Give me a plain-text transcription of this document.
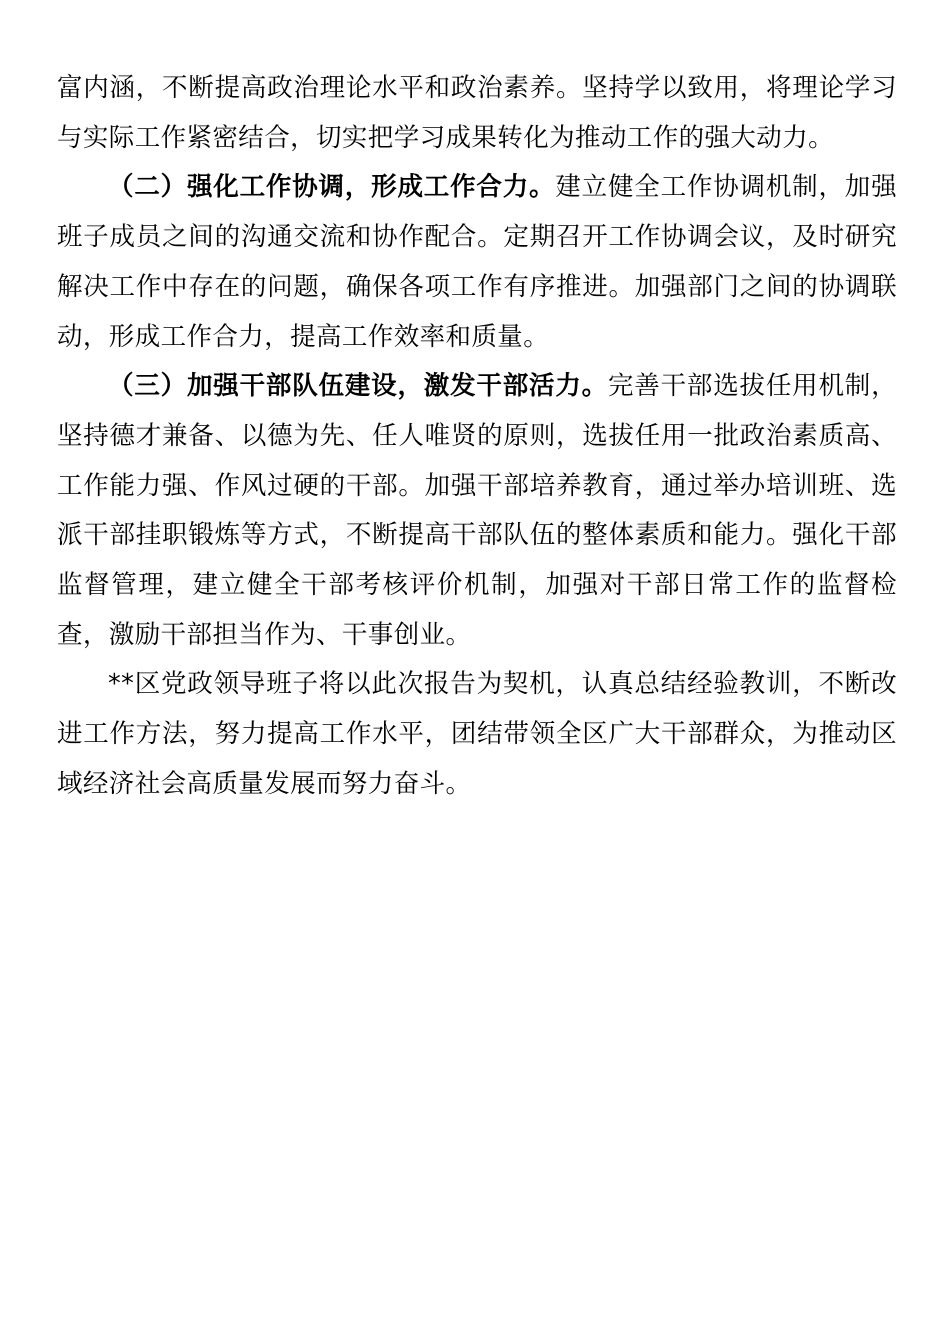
富内涵，不断提高政治理论水平和政治素养。坚持学以致用，将理论学习与实际工作紧密结合，切实把学习成果转化为推动工作的强大动力。

（二）强化工作协调，形成工作合力。建立健全工作协调机制，加强班子成员之间的沟通交流和协作配合。定期召开工作协调会议，及时研究解决工作中存在的问题，确保各项工作有序推进。加强部门之间的协调联动，形成工作合力，提高工作效率和质量。

（三）加强干部队伍建设，激发干部活力。完善干部选拔任用机制，坚持德才兼备、以德为先、任人唯贤的原则，选拔任用一批政治素质高、工作能力强、作风过硬的干部。加强干部培养教育，通过举办培训班、选派干部挂职锻炼等方式，不断提高干部队伍的整体素质和能力。强化干部监督管理，建立健全干部考核评价机制，加强对干部日常工作的监督检查，激励干部担当作为、干事创业。

**区党政领导班子将以此次报告为契机，认真总结经验教训，不断改进工作方法，努力提高工作水平，团结带领全区广大干部群众，为推动区域经济社会高质量发展而努力奋斗。
